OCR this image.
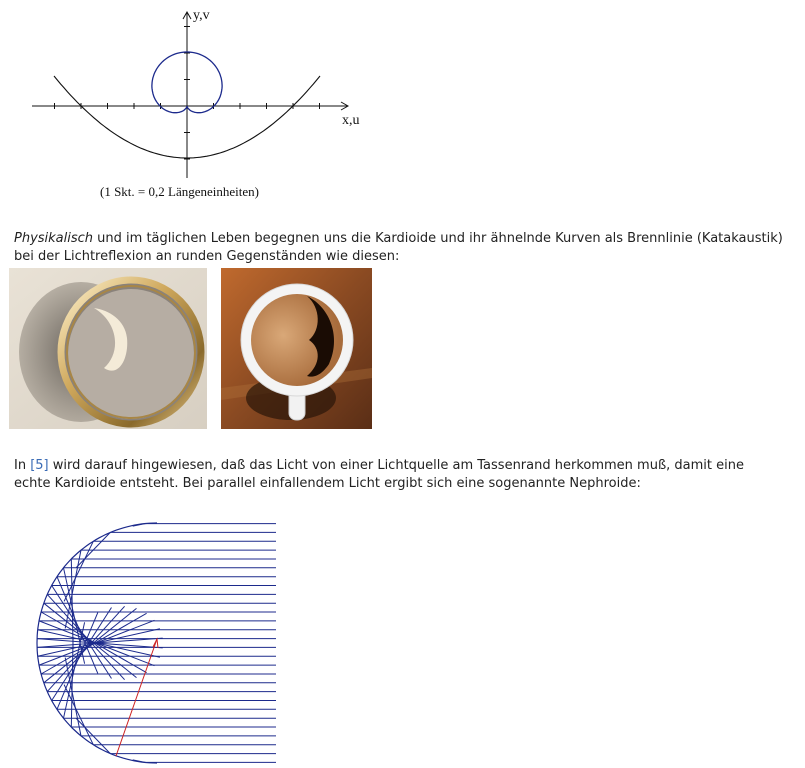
y,v
x,u
(1 Skt. = 0,2 Längeneinheiten)
Physikalisch und im täglichen Leben begegnen uns die Kardioide und ihr ähnelnde Kurven als Brennlinie (Katakaustik)
bei der Lichtreflexion an runden Gegenständen wie diesen:
In [5] wird darauf hingewiesen, daß das Licht von einer Lichtquelle am Tassenrand herkommen muß, damit eine
echte Kardioide entsteht. Bei parallel einfallendem Licht ergibt sich eine sogenannte Nephroide:
